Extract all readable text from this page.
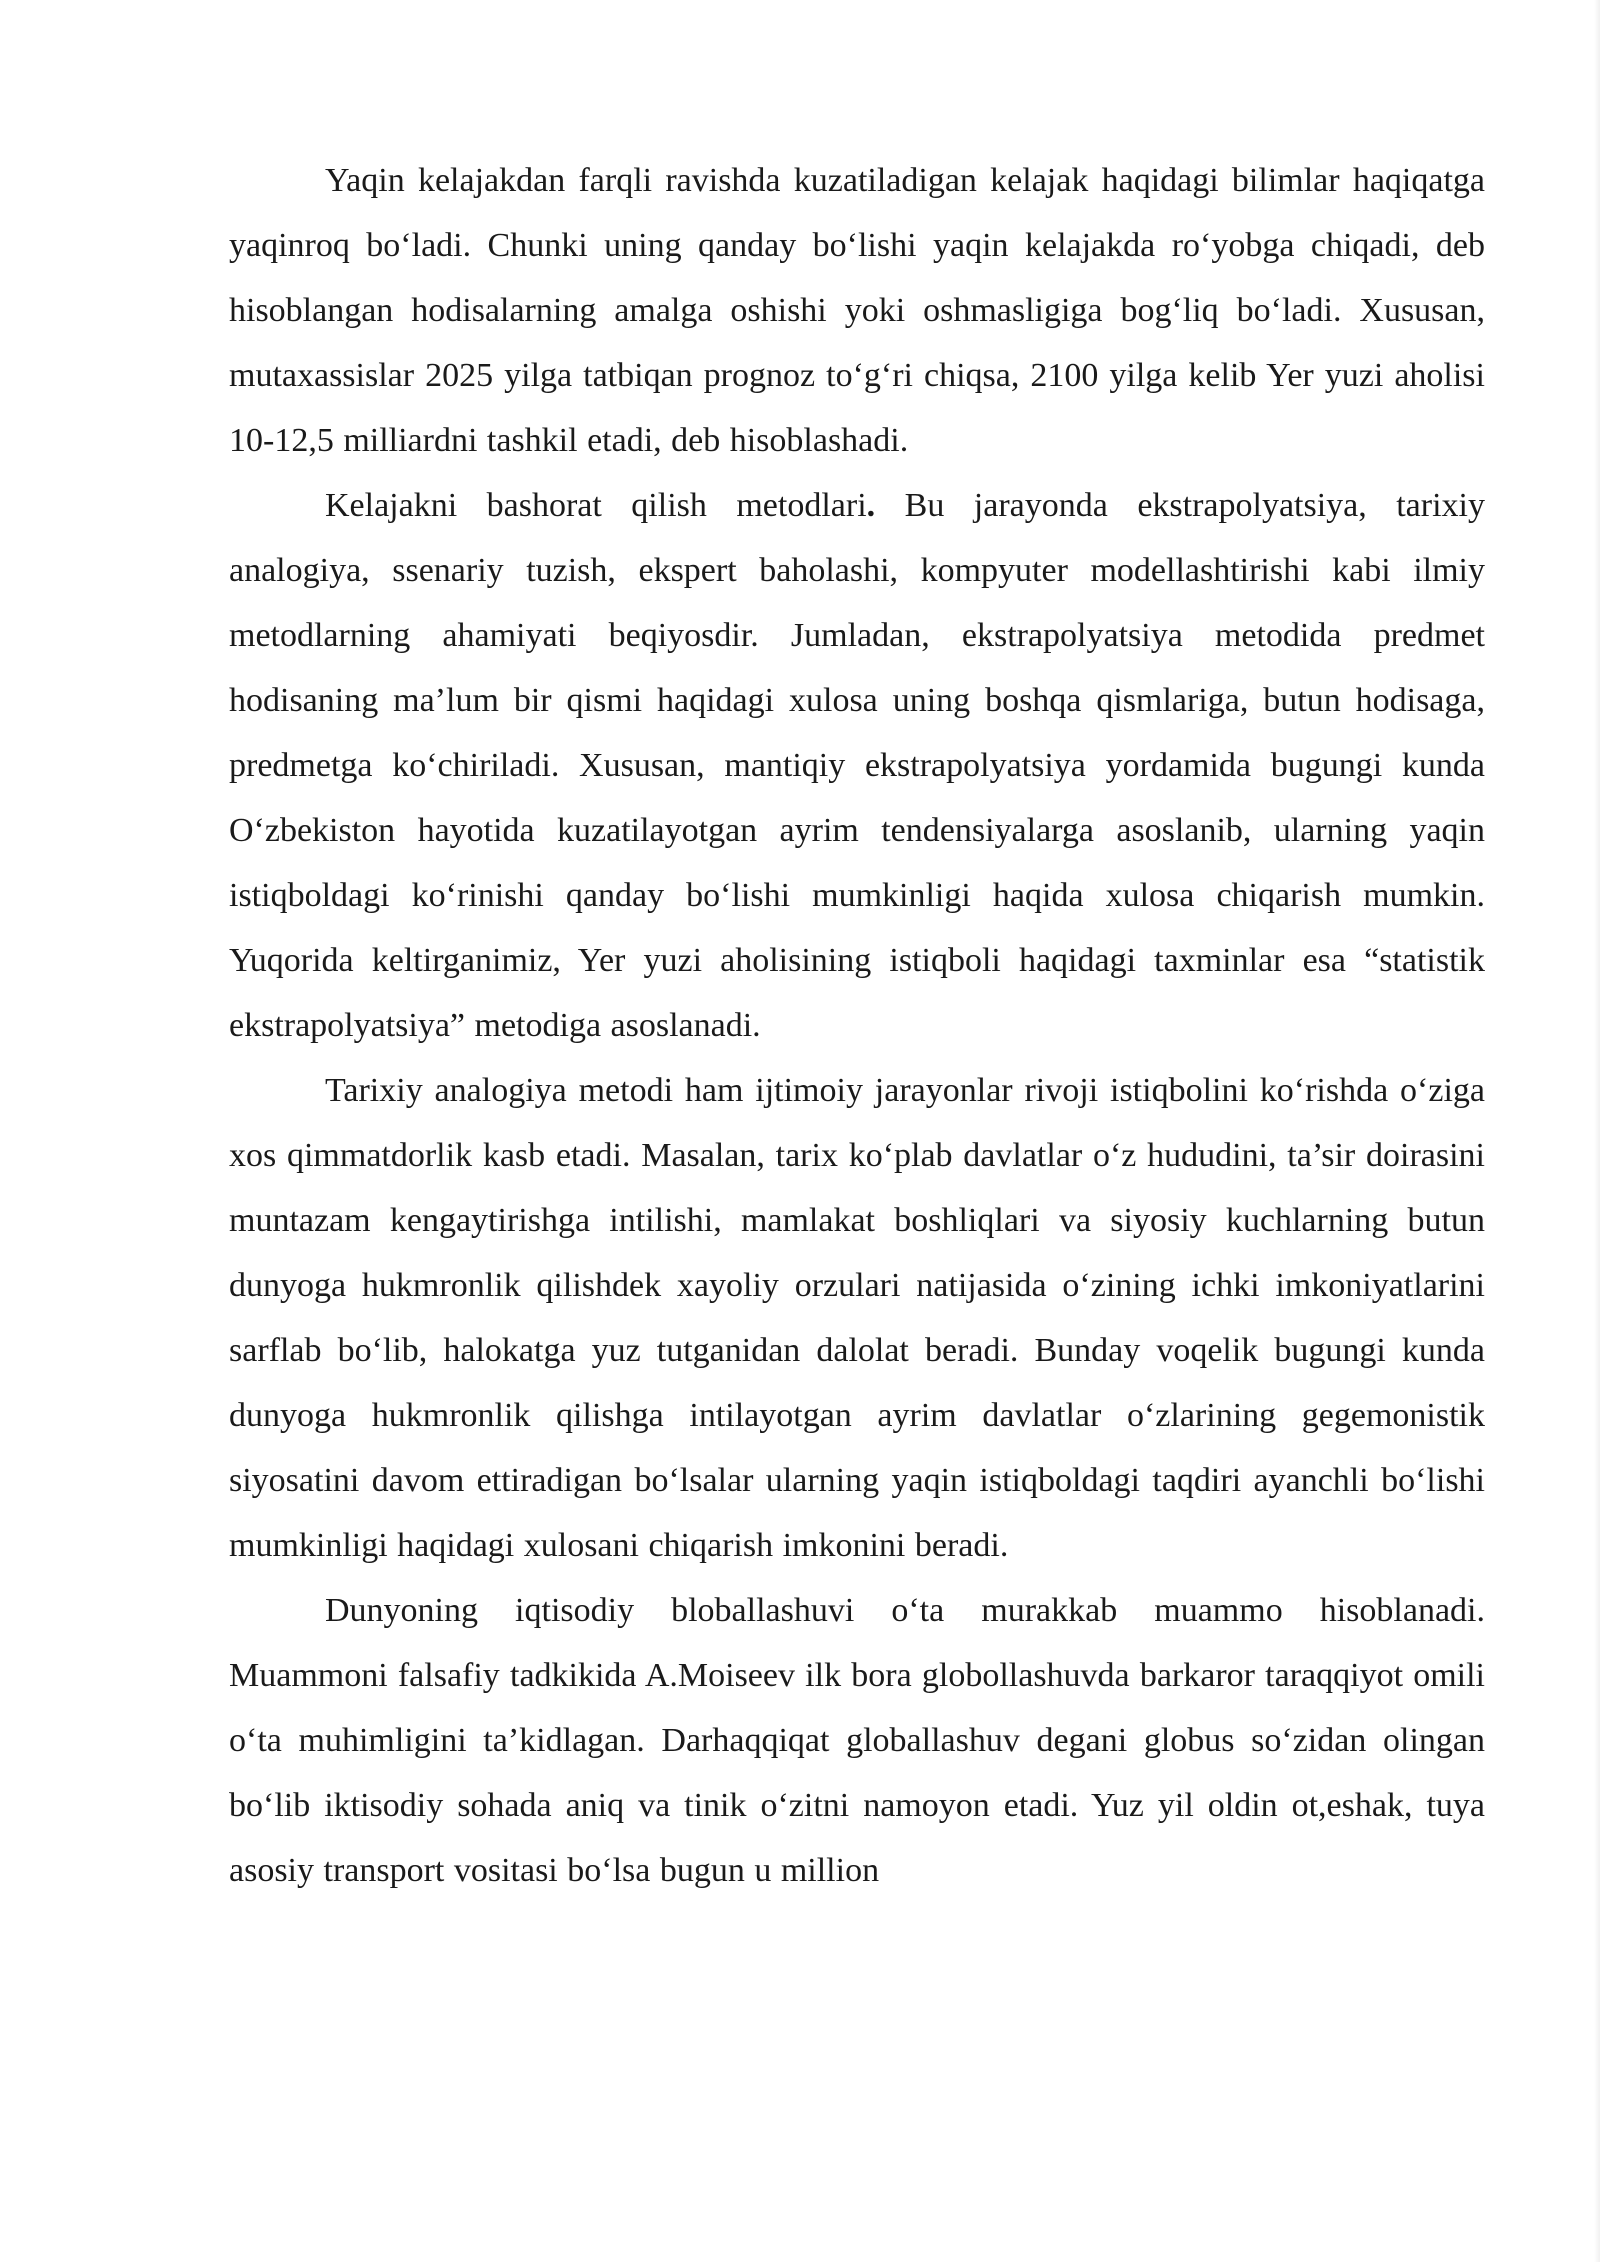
Yaqin kelajakdan farqli ravishda kuzatiladigan kelajak haqidagi bilimlar haqiqatga yaqinroq bo‘ladi. Chunki uning qanday bo‘lishi yaqin kelajakda ro‘yobga chiqadi, deb hisoblangan hodisalarning amalga oshishi yoki oshmasligiga bog‘liq bo‘ladi. Xususan, mutaxassislar 2025 yilga tatbiqan prognoz to‘g‘ri chiqsa, 2100 yilga kelib Yer yuzi aholisi 10-12,5 milliardni tashkil etadi, deb hisoblashadi.

Kelajakni bashorat qilish metodlari. Bu jarayonda ekstrapolyatsiya, tarixiy analogiya, ssenariy tuzish, ekspert baholashi, kompyuter modellashtirishi kabi ilmiy metodlarning ahamiyati beqiyosdir. Jumladan, ekstrapolyatsiya metodida predmet hodisaning ma’lum bir qismi haqidagi xulosa uning boshqa qismlariga, butun hodisaga, predmetga ko‘chiriladi. Xususan, mantiqiy ekstrapolyatsiya yordamida bugungi kunda O‘zbekiston hayotida kuzatilayotgan ayrim tendensiyalarga asoslanib, ularning yaqin istiqboldagi ko‘rinishi qanday bo‘lishi mumkinligi haqida xulosa chiqarish mumkin. Yuqorida keltirganimiz, Yer yuzi aholisining istiqboli haqidagi taxminlar esa “statistik ekstrapolyatsiya” metodiga asoslanadi.

Tarixiy analogiya metodi ham ijtimoiy jarayonlar rivoji istiqbolini ko‘rishda o‘ziga xos qimmatdorlik kasb etadi. Masalan, tarix ko‘plab davlatlar o‘z hududini, ta’sir doirasini muntazam kengaytirishga intilishi, mamlakat boshliqlari va siyosiy kuchlarning butun dunyoga hukmronlik qilishdek xayoliy orzulari natijasida o‘zining ichki imkoniyatlarini sarflab bo‘lib, halokatga yuz tutganidan dalolat beradi. Bunday voqelik bugungi kunda dunyoga hukmronlik qilishga intilayotgan ayrim davlatlar o‘zlarining gegemonistik siyosatini davom ettiradigan bo‘lsalar ularning yaqin istiqboldagi taqdiri ayanchli bo‘lishi mumkinligi haqidagi xulosani chiqarish imkonini beradi.

Dunyoning iqtisodiy bloballashuvi o‘ta murakkab muammo hisoblanadi. Muammoni falsafiy tadkikida A.Moiseev ilk bora globollashuvda barkaror taraqqiyot omili o‘ta muhimligini ta’kidlagan. Darhaqqiqat globallashuv degani globus so‘zidan olingan bo‘lib iktisodiy sohada aniq va tinik o‘zitni namoyon etadi. Yuz yil oldin ot,eshak, tuya asosiy transport vositasi bo‘lsa bugun u million
